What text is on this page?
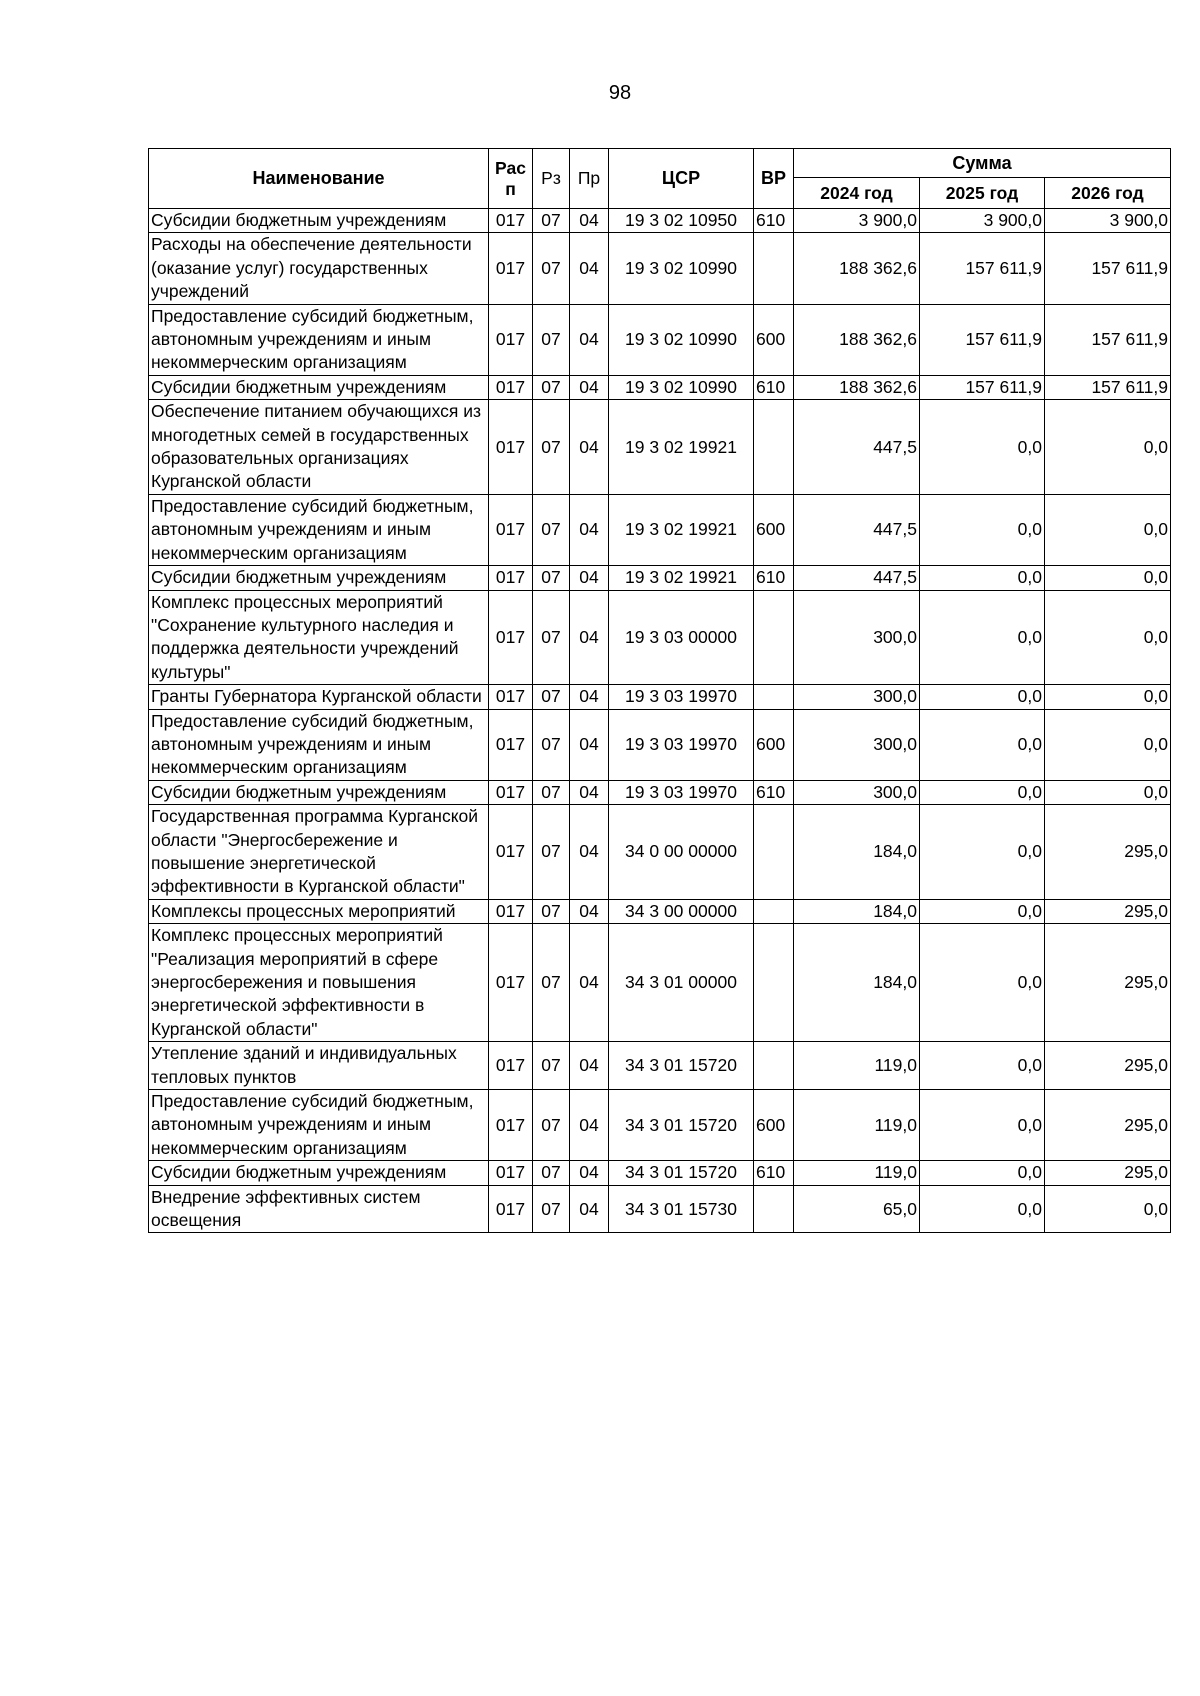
98
Наименование	Рас п	Рз	Пр	ЦСР	ВР	Сумма		
						2024 год	2025 год	2026 год
Субсидии бюджетным учреждениям	017	07	04	19 3 02 10950	610	3 900,0	3 900,0	3 900,0
Расходы на обеспечение деятельности (оказание услуг) государственных учреждений	017	07	04	19 3 02 10990		188 362,6	157 611,9	157 611,9
Предоставление субсидий бюджетным, автономным учреждениям и иным некоммерческим организациям	017	07	04	19 3 02 10990	600	188 362,6	157 611,9	157 611,9
Субсидии бюджетным учреждениям	017	07	04	19 3 02 10990	610	188 362,6	157 611,9	157 611,9
Обеспечение питанием обучающихся из многодетных семей в государственных образовательных организациях Курганской области	017	07	04	19 3 02 19921		447,5	0,0	0,0
Предоставление субсидий бюджетным, автономным учреждениям и иным некоммерческим организациям	017	07	04	19 3 02 19921	600	447,5	0,0	0,0
Субсидии бюджетным учреждениям	017	07	04	19 3 02 19921	610	447,5	0,0	0,0
Комплекс процессных мероприятий "Сохранение культурного наследия и поддержка деятельности учреждений культуры"	017	07	04	19 3 03 00000		300,0	0,0	0,0
Гранты Губернатора Курганской области	017	07	04	19 3 03 19970		300,0	0,0	0,0
Предоставление субсидий бюджетным, автономным учреждениям и иным некоммерческим организациям	017	07	04	19 3 03 19970	600	300,0	0,0	0,0
Субсидии бюджетным учреждениям	017	07	04	19 3 03 19970	610	300,0	0,0	0,0
Государственная программа Курганской области "Энергосбережение и повышение энергетической эффективности в Курганской области"	017	07	04	34 0 00 00000		184,0	0,0	295,0
Комплексы процессных мероприятий	017	07	04	34 3 00 00000		184,0	0,0	295,0
Комплекс процессных мероприятий "Реализация мероприятий в сфере энергосбережения и повышения энергетической эффективности в Курганской области"	017	07	04	34 3 01 00000		184,0	0,0	295,0
Утепление зданий и индивидуальных тепловых пунктов	017	07	04	34 3 01 15720		119,0	0,0	295,0
Предоставление субсидий бюджетным, автономным учреждениям и иным некоммерческим организациям	017	07	04	34 3 01 15720	600	119,0	0,0	295,0
Субсидии бюджетным учреждениям	017	07	04	34 3 01 15720	610	119,0	0,0	295,0
Внедрение эффективных систем освещения	017	07	04	34 3 01 15730		65,0	0,0	0,0
